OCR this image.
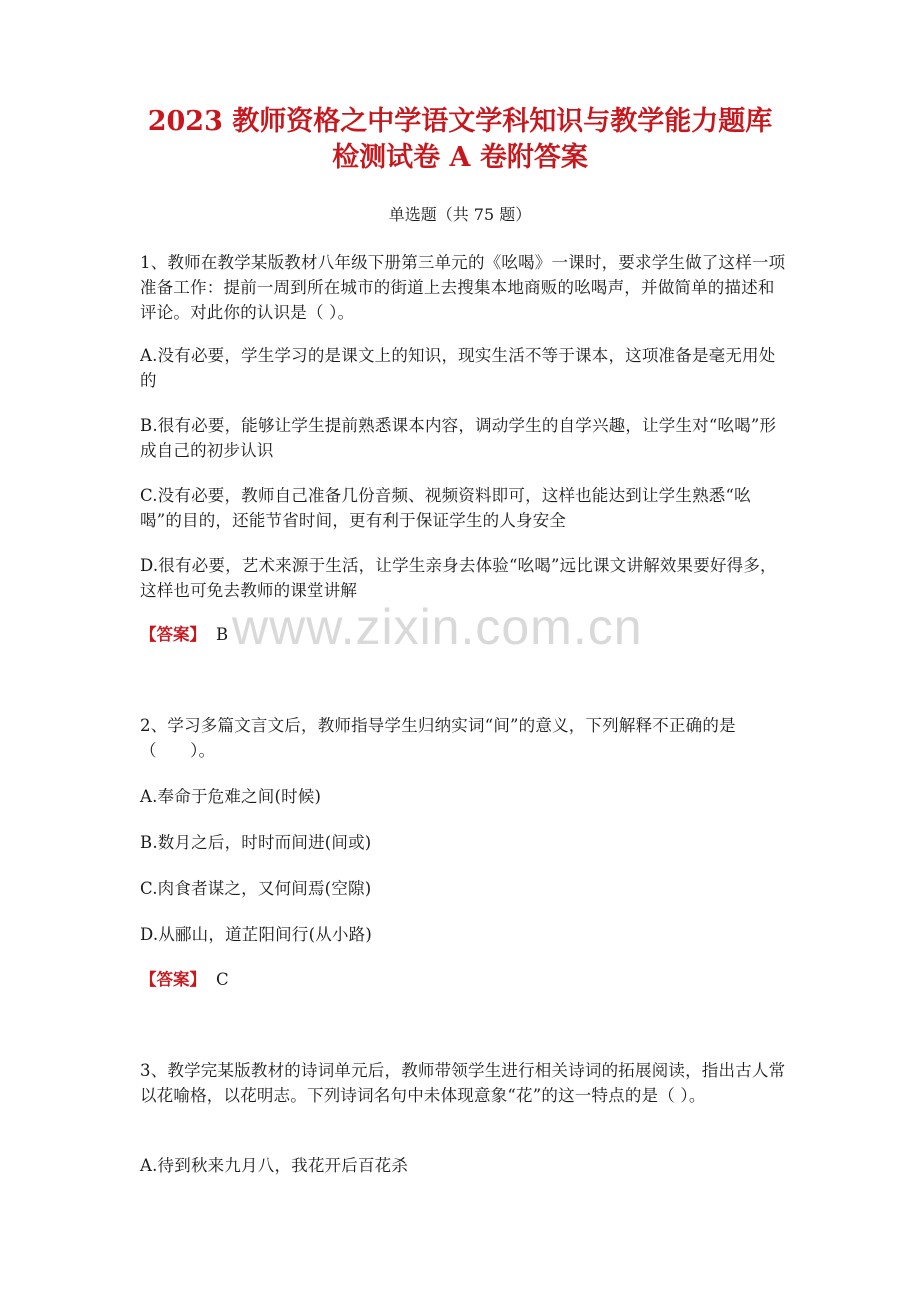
2023 教师资格之中学语文学科知识与教学能力题库
检测试卷 A 卷附答案
单选题（共 75 题）
1、教师在教学某版教材八年级下册第三单元的《吆喝》一课时，要求学生做了这样一项准备工作：提前一周到所在城市的街道上去搜集本地商贩的吆喝声，并做简单的描述和评论。对此你的认识是（ ）。
A.没有必要，学生学习的是课文上的知识，现实生活不等于课本，这项准备是毫无用处的
B.很有必要，能够让学生提前熟悉课本内容，调动学生的自学兴趣，让学生对“吆喝”形成自己的初步认识
C.没有必要，教师自己准备几份音频、视频资料即可，这样也能达到让学生熟悉“吆喝”的目的，还能节省时间，更有利于保证学生的人身安全
D.很有必要，艺术来源于生活，让学生亲身去体验“吆喝”远比课文讲解效果要好得多，这样也可免去教师的课堂讲解
【答案】 B www.zixin.com.cn
2、学习多篇文言文后，教师指导学生归纳实词“间”的意义，下列解释不正确的是（　　）。
A.奉命于危难之间(时候)
B.数月之后，时时而间进(间或)
C.肉食者谋之，又何间焉(空隙)
D.从郦山，道芷阳间行(从小路)
【答案】 C
3、教学完某版教材的诗词单元后，教师带领学生进行相关诗词的拓展阅读，指出古人常以花喻格，以花明志。下列诗词名句中未体现意象“花”的这一特点的是（ ）。
A.待到秋来九月八，我花开后百花杀
